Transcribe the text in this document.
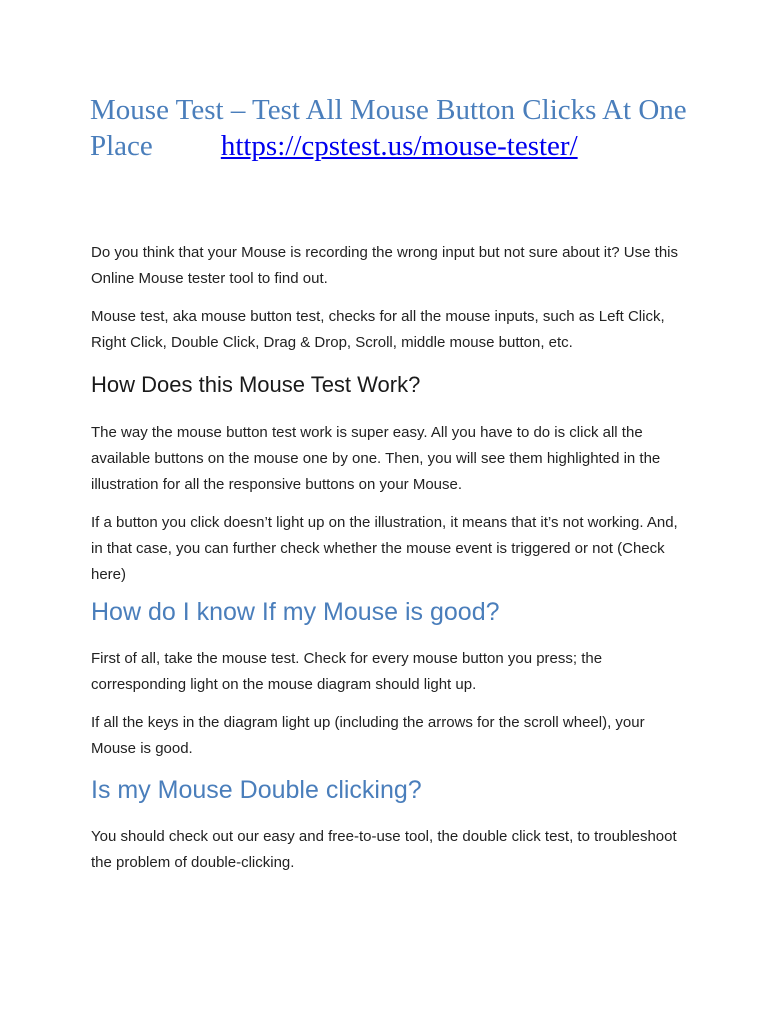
Mouse Test – Test All Mouse Button Clicks At One Place https://cpstest.us/mouse-tester/

Do you think that your Mouse is recording the wrong input but not sure about it? Use this Online Mouse tester tool to find out.

Mouse test, aka mouse button test, checks for all the mouse inputs, such as Left Click, Right Click, Double Click, Drag & Drop, Scroll, middle mouse button, etc.

How Does this Mouse Test Work?

The way the mouse button test work is super easy. All you have to do is click all the available buttons on the mouse one by one. Then, you will see them highlighted in the illustration for all the responsive buttons on your Mouse.

If a button you click doesn’t light up on the illustration, it means that it’s not working. And, in that case, you can further check whether the mouse event is triggered or not (Check here)

How do I know If my Mouse is good?

First of all, take the mouse test. Check for every mouse button you press; the corresponding light on the mouse diagram should light up.

If all the keys in the diagram light up (including the arrows for the scroll wheel), your Mouse is good.

Is my Mouse Double clicking?

You should check out our easy and free-to-use tool, the double click test, to troubleshoot the problem of double-clicking.
